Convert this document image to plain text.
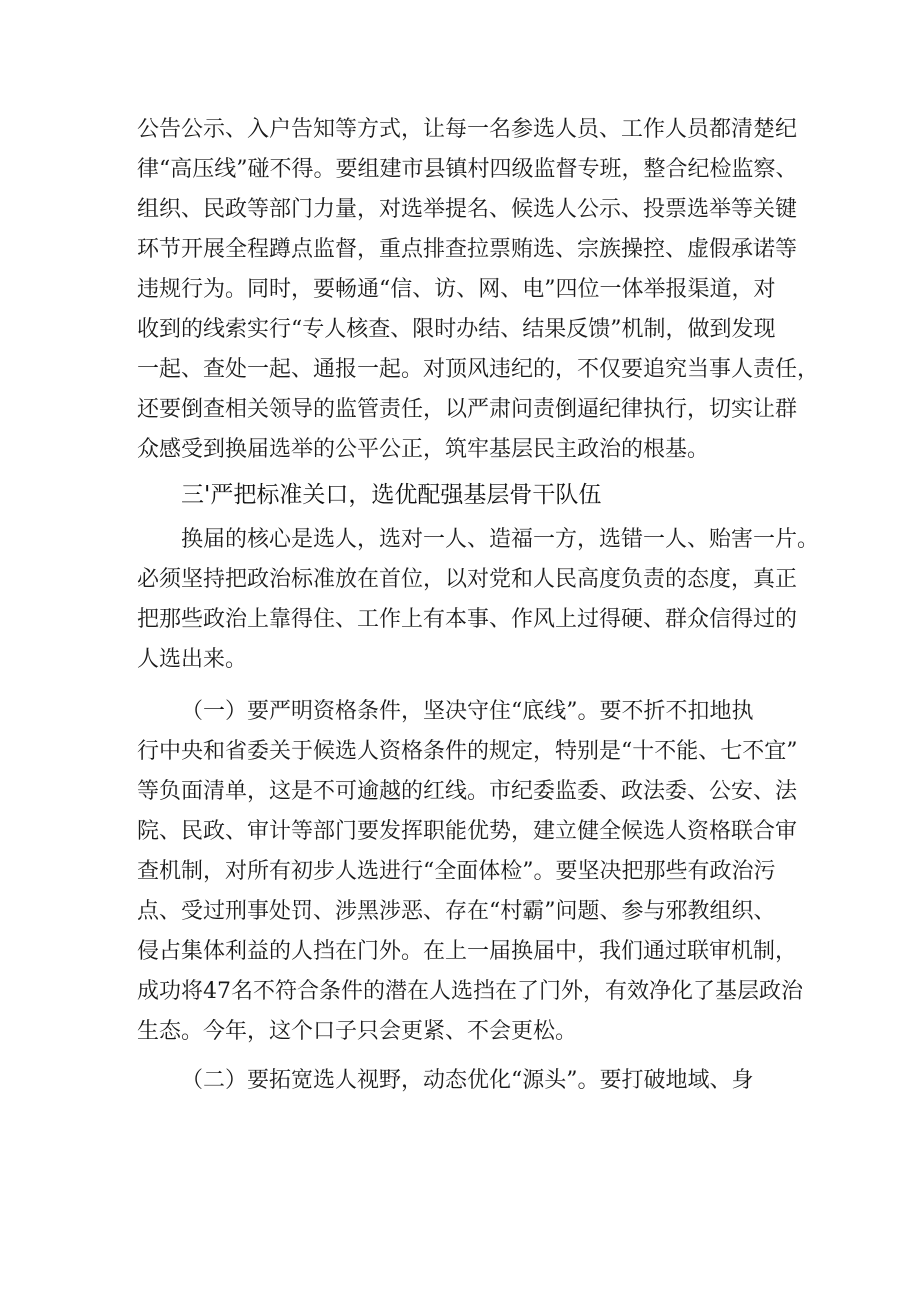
公告公示、入户告知等方式，让每一名参选人员、工作人员都清楚纪
律“高压线”碰不得。要组建市县镇村四级监督专班，整合纪检监察、
组织、民政等部门力量，对选举提名、候选人公示、投票选举等关键
环节开展全程蹲点监督，重点排查拉票贿选、宗族操控、虚假承诺等
违规行为。同时，要畅通“信、访、网、电”四位一体举报渠道，对
收到的线索实行“专人核查、限时办结、结果反馈”机制，做到发现
一起、查处一起、通报一起。对顶风违纪的，不仅要追究当事人责任，
还要倒查相关领导的监管责任，以严肃问责倒逼纪律执行，切实让群
众感受到换届选举的公平公正，筑牢基层民主政治的根基。
三'严把标准关口，选优配强基层骨干队伍
换届的核心是选人，选对一人、造福一方，选错一人、贻害一片。
必须坚持把政治标准放在首位，以对党和人民高度负责的态度，真正
把那些政治上靠得住、工作上有本事、作风上过得硬、群众信得过的
人选出来。
（一）要严明资格条件，坚决守住“底线”。要不折不扣地执
行中央和省委关于候选人资格条件的规定，特别是“十不能、七不宜”
等负面清单，这是不可逾越的红线。市纪委监委、政法委、公安、法
院、民政、审计等部门要发挥职能优势，建立健全候选人资格联合审
查机制，对所有初步人选进行“全面体检”。要坚决把那些有政治污
点、受过刑事处罚、涉黑涉恶、存在“村霸”问题、参与邪教组织、
侵占集体利益的人挡在门外。在上一届换届中，我们通过联审机制，
成功将47名不符合条件的潜在人选挡在了门外，有效净化了基层政治
生态。今年，这个口子只会更紧、不会更松。
（二）要拓宽选人视野，动态优化“源头”。要打破地域、身
